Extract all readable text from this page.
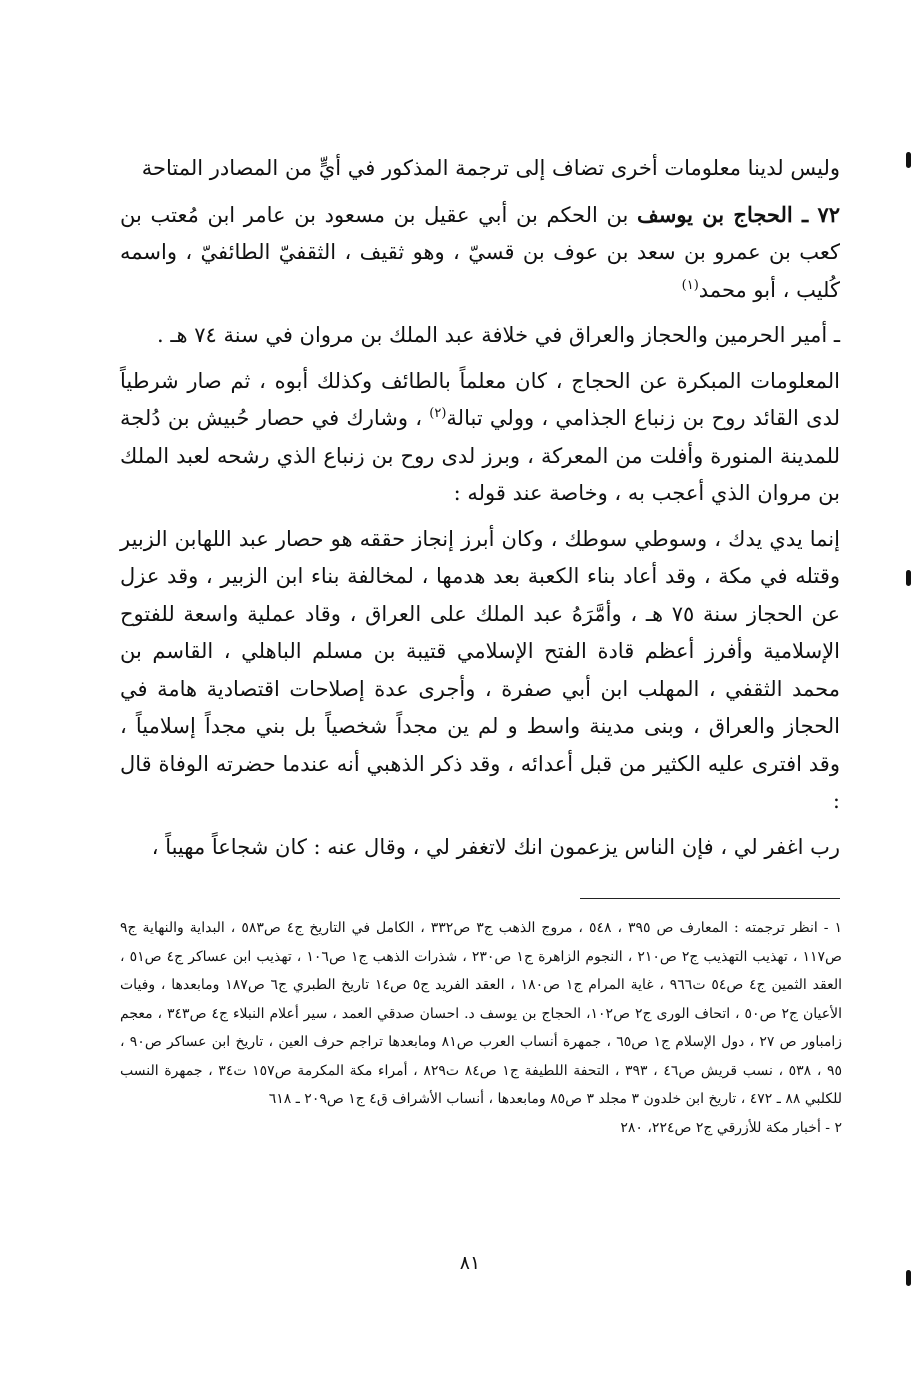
وليس لدينا معلومات أخرى تضاف إلى ترجمة المذكور في أيٍّ من المصادر المتاحة

٧٢ ـ الحجاج بن يوسف بن الحكم بن أبي عقيل بن مسعود بن عامر ابن مُعتب بن كعب بن عمرو بن سعد بن عوف بن قسيّ ، وهو ثقيف ، الثقفيّ الطائفيّ ، واسمه كُليب ، أبو محمد$^{(١)}$

ـ أمير الحرمين والحجاز والعراق في خلافة عبد الملك بن مروان في سنة ٧٤ هـ .

المعلومات المبكرة عن الحجاج ، كان معلماً بالطائف وكذلك أبوه ، ثم صار شرطياً لدى القائد روح بن زنباع الجذامي ، وولي تبالة$^{(٢)}$ ، وشارك في حصار حُبيش بن دُلجة للمدينة المنورة وأفلت من المعركة ، وبرز لدى روح بن زنباع الذي رشحه لعبد الملك بن مروان الذي أعجب به ، وخاصة عند قوله :

إنما يدي يدك ، وسوطي سوطك ، وكان أبرز إنجاز حققه هو حصار عبد اللهابن الزبير وقتله في مكة ، وقد أعاد بناء الكعبة بعد هدمها ، لمخالفة بناء ابن الزبير ، وقد عزل عن الحجاز سنة ٧٥ هـ ، وأمَّرَهُ عبد الملك على العراق ، وقاد عملية واسعة للفتوح الإسلامية وأفرز أعظم قادة الفتح الإسلامي قتيبة بن مسلم الباهلي ، القاسم بن محمد الثقفي ، المهلب ابن أبي صفرة ، وأجرى عدة إصلاحات اقتصادية هامة في الحجاز والعراق ، وبنى مدينة واسط و لم ين مجداً شخصياً بل بني مجداً إسلامياً ، وقد افترى عليه الكثير من قبل أعدائه ، وقد ذكر الذهبي أنه عندما حضرته الوفاة قال :

رب اغفر لي ، فإن الناس يزعمون انك لاتغفر لي ، وقال عنه : كان شجاعاً مهيباً ،

١ - انظر ترجمته : المعارف ص ٣٩٥ ، ٥٤٨ ، مروج الذهب ج٣ ص٣٣٢ ، الكامل في التاريخ ج٤ ص٥٨٣ ، البداية والنهاية ج٩ ص١١٧ ، تهذيب التهذيب ج٢ ص٢١٠ ، النجوم الزاهرة ج١ ص٢٣٠ ، شذرات الذهب ج١ ص١٠٦ ، تهذيب ابن عساكر ج٤ ص٥١ ، العقد الثمين ج٤ ص٥٤ ت٩٦٦ ، غاية المرام ج١ ص١٨٠ ، العقد الفريد ج٥ ص١٤ تاريخ الطبري ج٦ ص١٨٧ ومابعدها ، وفيات الأعيان ج٢ ص٥٠ ، اتحاف الورى ج٢ ص١٠٢، الحجاج بن يوسف د. احسان صدقي العمد ، سير أعلام النبلاء ج٤ ص٣٤٣ ، معجم زامباور ص ٢٧ ، دول الإسلام ج١ ص٦٥ ، جمهرة أنساب العرب ص٨١ ومابعدها تراجم حرف العين ، تاريخ ابن عساكر ص٩٠ ، ٩٥ ، ٥٣٨ ، نسب قريش ص٤٦ ، ٣٩٣ ، التحفة اللطيفة ج١ ص٨٤ ت٨٢٩ ، أمراء مكة المكرمة ص١٥٧ ت٣٤ ، جمهرة النسب للكلبي ٨٨ ـ ٤٧٢ ، تاريخ ابن خلدون ٣ مجلد ٣ ص٨٥ ومابعدها ، أنساب الأشراف ق٤ ج١ ص٢٠٩ ـ ٦١٨

٢ - أخبار مكة للأزرقي ج٢ ص٢٢٤، ٢٨٠

٨١
